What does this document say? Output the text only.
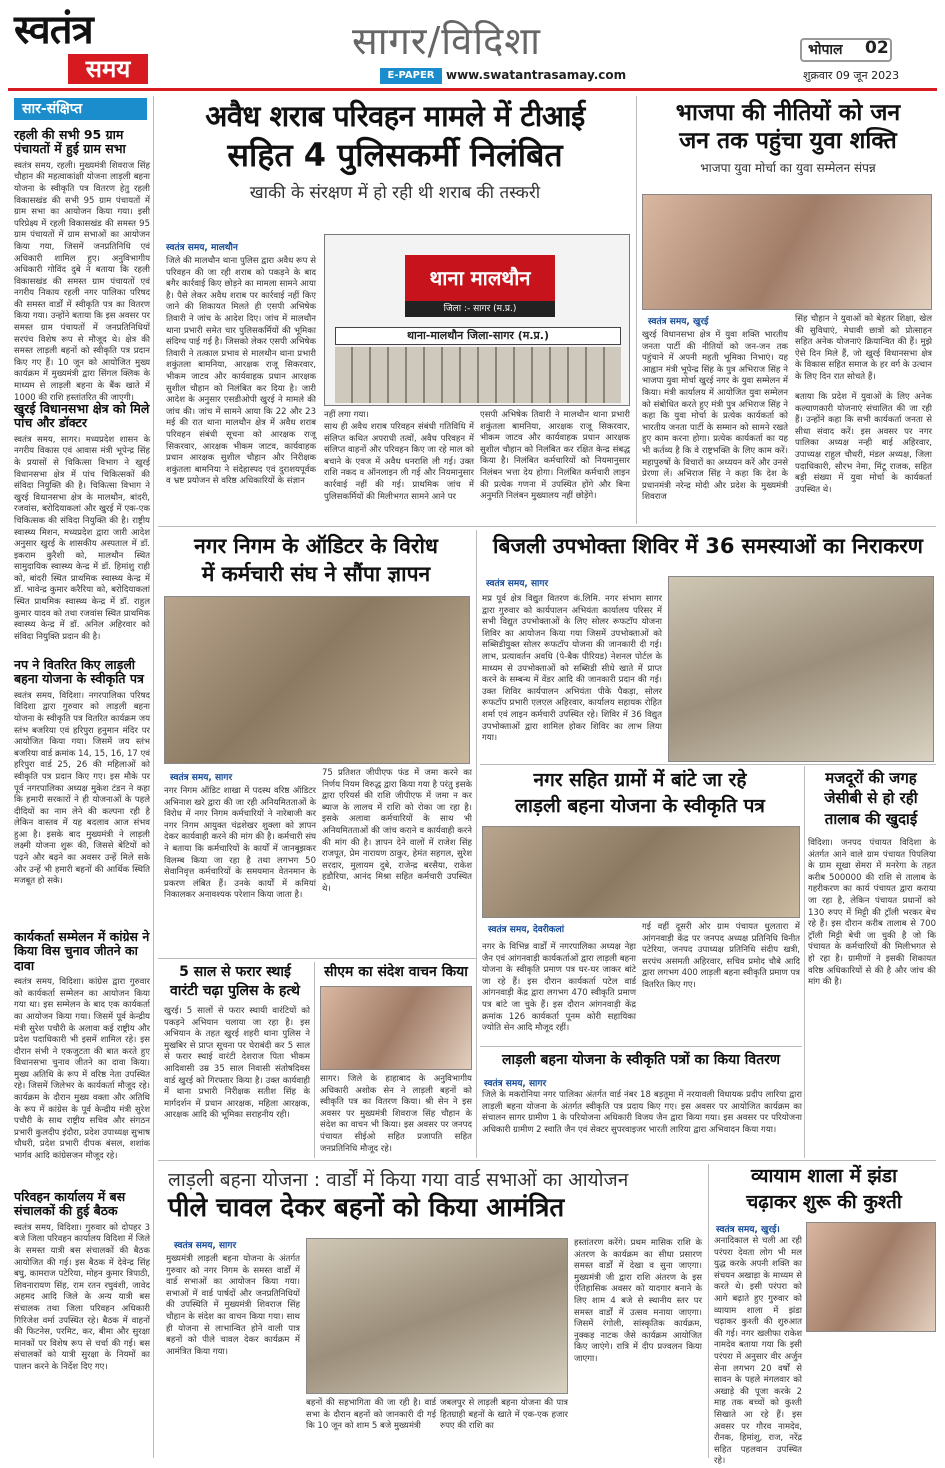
स्वतंत्र
समय
सागर/विदिशा
E-PAPER www.swatantrasamay.com
भोपाल 02
शुक्रवार 09 जून 2023
सार-संक्षिप्त
रहली की सभी 95 ग्राम पंचायतों में हुई ग्राम सभा
स्वतंत्र समय, रहली। मुख्यमंत्री शिवराज सिंह चौहान की महत्वाकांक्षी योजना लाड़ली बहना योजना के स्वीकृति पत्र वितरण हेतु रहली विकासखंड की सभी 95 ग्राम पंचायतों में ग्राम सभा का आयोजन किया गया। इसी परिप्रेक्ष्य में रहली विकासखंड की समस्त 95 ग्राम पंचायतों में ग्राम सभाओं का आयोजन किया गया, जिसमें जनप्रतिनिधि एवं अधिकारी शामिल हुए। अनुविभागीय अधिकारी गोविंद दुबे ने बताया कि रहली विकासखंड की समस्त ग्राम पंचायतों एवं नगरीय निकाय रहली नगर पालिका परिषद की समस्त वार्डों में स्वीकृति पत्र का वितरण किया गया। उन्होंने बताया कि इस अवसर पर समस्त ग्राम पंचायतों में जनप्रतिनिधियों सरपंच विशेष रूप से मौजूद थे। क्षेत्र की समस्त लाड़ली बहनों को स्वीकृति पत्र प्रदान किए गए हैं। 10 जून को आयोजित मुख्य कार्यक्रम में मुख्यमंत्री द्वारा सिंगल क्लिक के माध्यम से लाड़ली बहना के बैंक खाते में 1000 की राशि हस्तांतरित की जाएगी।
खुरई विधानसभा क्षेत्र को मिले पांच और डॉक्टर
स्वतंत्र समय, सागर। मध्यप्रदेश शासन के नगरीय विकास एवं आवास मंत्री भूपेन्द्र सिंह के प्रयासों से चिकित्सा विभाग ने खुरई विधानसभा क्षेत्र में पांच चिकित्सकों की संविदा नियुक्ति की है। चिकित्सा विभाग ने खुरई विधानसभा क्षेत्र के मालथौन, बांदरी, रजवांस, बरोदियाकलां और खुरई में एक-एक चिकित्सक की संविदा नियुक्ति की है। राष्ट्रीय स्वास्थ्य मिशन, मध्यप्रदेश द्वारा जारी आदेश अनुसार खुरई के शासकीय अस्पताल में डॉ. इकराम कुरैशी को, मालथौन स्थित सामुदायिक स्वास्थ्य केन्द्र में डॉ. हिमांशु राही को, बांदरी स्थित प्राथमिक स्वास्थ्य केन्द्र में डॉ. भावेन्द्र कुमार करैरिया को, बरोदियाकलां स्थित प्राथमिक स्वास्थ्य केन्द्र में डॉ. राहुल कुमार यादव को तथा रजवांस स्थित प्राथमिक स्वास्थ्य केन्द्र में डॉ. अनिल अहिरवार को संविदा नियुक्ति प्रदान की है।
नप ने वितरित किए लाड़ली बहना योजना के स्वीकृति पत्र
स्वतंत्र समय, विदिशा। नगरपालिका परिषद विदिशा द्वारा गुरुवार को लाड़ली बहना योजना के स्वीकृति पत्र वितरित कार्यक्रम जय स्तंभ बजरिया एवं हरिपुरा हनुमान मंदिर पर आयोजित किया गया। जिसमें जय स्तंभ बजरिया वार्ड क्रमांक 14, 15, 16, 17 एवं हरिपुरा वार्ड 25, 26 की महिलाओं को स्वीकृति पत्र प्रदान किए गए। इस मौके पर पूर्व नगरपालिका अध्यक्ष मुकेश टंडन ने कहा कि हमारी सरकारों ने ही योजनाओं के पहले दीदियों का नाम लेने की कल्पना रही है लेकिन वास्तव में यह बदलाव आज संभव हुआ है। इसके बाद मुख्यमंत्री ने लाड़ली लक्ष्मी योजना शुरू की, जिससे बेटियों को पढ़ने और बढ़ने का अवसर उन्हें मिले सके और उन्हें भी हमारी बहनों की आर्थिक स्थिति मजबूत हो सके।
कार्यकर्ता सम्मेलन में कांग्रेस ने किया विस चुनाव जीतने का दावा
स्वतंत्र समय, विदिशा। कांग्रेस द्वारा गुरुवार को कार्यकर्ता सम्मेलन का आयोजन किया गया था। इस सम्मेलन के बाद एक कार्यकर्ता का आयोजन किया गया। जिसमें पूर्व केन्द्रीय मंत्री सुरेश पचौरी के अलावा कई राष्ट्रीय और प्रदेश पदाधिकारी भी इसमें शामिल रहे। इस दौरान संभी ने एकजुटता की बात करते हुए विधानसभा चुनाव जीतने का दावा किया। मुख्य अतिथि के रूप में वरिष्ठ नेता उपस्थित रहे। जिसमें जिलेभर के कार्यकर्ता मौजूद रहे। कार्यक्रम के दौरान मुख्य वक्ता और अतिथि के रूप में कांग्रेस के पूर्व केन्द्रीय मंत्री सुरेश पचौरी के साथ राष्ट्रीय सचिव और संगठन प्रभारी कुलदीप इंदौरा, प्रदेश उपाध्यक्ष सुभाष चौधरी, प्रदेश प्रभारी दीपक बंसल, शशांक भार्गव आदि कांग्रेसजन मौजूद रहे।
परिवहन कार्यालय में बस संचालकों की हुई बैठक
स्वतंत्र समय, विदिशा। गुरुवार को दोपहर 3 बजे जिला परिवहन कार्यालय विदिशा में जिले के समस्त यात्री बस संचालकों की बैठक आयोजित की गई। इस बैठक में देवेन्द्र सिंह बघु, कामराज पटेरिया, मोहन कुमार त्रिपाठी, शिवनारायण सिंह, राम रतन रघुवंशी, जावेद अहमद आदि जिले के अन्य यात्री बस संचालक तथा जिला परिवहन अधिकारी गिरिजेश वर्मा उपस्थित रहे। बैठक में वाहनों की फिटनेस, परमिट, कर, बीमा और सुरक्षा मानकों पर विशेष रूप से चर्चा की गई। बस संचालकों को यात्री सुरक्षा के नियमों का पालन करने के निर्देश दिए गए।
अवैध शराब परिवहन मामले में टीआई
सहित 4 पुलिसकर्मी निलंबित
खाकी के संरक्षण में हो रही थी शराब की तस्करी
स्वतंत्र समय, मालथौन
जिले की मालथौन थाना पुलिस द्वारा अवैध रूप से परिवहन की जा रही शराब को पकड़ने के बाद बगैर कार्रवाई किए छोड़ने का मामला सामने आया है। पैसे लेकर अवैध शराब पर कार्रवाई नहीं किए जाने की शिकायत मिलते ही एसपी अभिषेक तिवारी ने जांच के आदेश दिए। जांच में मालथौन थाना प्रभारी समेत चार पुलिसकर्मियों की भूमिका संदिग्ध पाई गई है। जिसको लेकर एसपी अभिषेक तिवारी ने तत्काल प्रभाव से मालथौन थाना प्रभारी शकुंतला बामनिया, आरक्षक राजू सिकरवार, भीकम जाटव और कार्यवाहक प्रधान आरक्षक सुशील चौहान को निलंबित कर दिया है। जारी आदेश के अनुसार एसडीओपी खुरई ने मामले की जांच की। जांच में सामने आया कि 22 और 23 मई की रात थाना मालथौन क्षेत्र में अवैध शराब परिवहन संबंधी सूचना को आरक्षक राजू सिकरवार, आरक्षक भीकम जाटव, कार्यवाहक प्रधान आरक्षक सुशील चौहान और निरीक्षक शकुंतला बामनिया ने संदेहास्पद एवं दुराशयपूर्वक व भ्रष्ट प्रयोजन से वरिष्ठ अधिकारियों के संज्ञान
थाना मालथौन
जिला :- सागर (म.प्र.)
थाना-मालथौन जिला-सागर (म.प्र.)
नहीं लगा गया।
साथ ही अवैध शराब परिवहन संबंधी गतिविधि में संलिप्त कथित अपराधी तत्वों, अवैध परिवहन में संलिप्त वाहनों और परिवहन किए जा रहे माल को बचाने के एवज में अवैध धनराशि ली गई। उक्त राशि नकद व ऑनलाइन ली गई और नियमानुसार कार्रवाई नहीं की गई। प्राथमिक जांच में पुलिसकर्मियों की मिलीभगत सामने आने पर
एसपी अभिषेक तिवारी ने मालथौन थाना प्रभारी शकुंतला बामनिया, आरक्षक राजू सिकरवार, भीकम जाटव और कार्यवाहक प्रधान आरक्षक सुशील चौहान को निलंबित कर रक्षित केन्द्र संबद्ध किया है। निलंबित कर्मचारियों को नियमानुसार निलंबन भत्ता देय होगा। निलंबित कर्मचारी लाइन की प्रत्येक गणना में उपस्थित होंगे और बिना अनुमति निलंबन मुख्यालय नहीं छोड़ेंगे।
भाजपा की नीतियों को जन
जन तक पहुंचा युवा शक्ति
भाजपा युवा मोर्चा का युवा सम्मेलन संपन्न
स्वतंत्र समय, खुरई	सिंह चौहान ने युवाओं को बेहतर शिक्षा, खेल की सुविधाएं, मेधावी छात्रों को प्रोत्साहन सहित अनेक योजनाएं क्रियान्वित की हैं। मुझे ऐसे दिन मिले हैं, जो खुरई विधानसभा क्षेत्र के विकास सहित समाज के हर वर्ग के उत्थान के लिए दिन रात सोचते हैं।
खुरई विधानसभा क्षेत्र में युवा शक्ति भारतीय जनता पार्टी की नीतियों को जन-जन तक पहुंचाने में अपनी महती भूमिका निभाएं। यह आह्वान मंत्री भूपेन्द्र सिंह के पुत्र अभिराज सिंह ने भाजपा युवा मोर्चा खुरई नगर के युवा सम्मेलन में किया। मंत्री कार्यालय में आयोजित युवा सम्मेलन को संबोधित करते हुए मंत्री पुत्र अभिराज सिंह ने कहा कि युवा मोर्चा के प्रत्येक कार्यकर्ता को भारतीय जनता पार्टी के सम्मान को सामने रखते हुए काम करना होगा। प्रत्येक कार्यकर्ता का यह भी कर्तव्य है कि वे राष्ट्रभक्ति के लिए काम करें। महापुरुषों के विचारों का अध्ययन करें और उनसे प्रेरणा लें। अभिराज सिंह ने कहा कि देश के प्रधानमंत्री नरेन्द्र मोदी और प्रदेश के मुख्यमंत्री शिवराज
बताया कि प्रदेश में युवाओं के लिए अनेक कल्याणकारी योजनाएं संचालित की जा रही हैं। उन्होंने कहा कि सभी कार्यकर्ता जनता से सीधा संवाद करें। इस अवसर पर नगर पालिका अध्यक्ष नन्ही बाई अहिरवार, उपाध्यक्ष राहुल चौधरी, मंडल अध्यक्ष, जिला पदाधिकारी, सौरभ नेमा, मिंटू राजक, सहित बड़ी संख्या में युवा मोर्चा के कार्यकर्ता उपस्थित थे।
नगर निगम के ऑडिटर के विरोध
में कर्मचारी संघ ने सौंपा ज्ञापन
स्वतंत्र समय, सागर
नगर निगम ऑडिट शाखा में पदस्थ वरिष्ठ ऑडिटर अभिनाश खरे द्वारा की जा रही अनियमितताओं के विरोध में नगर निगम कर्मचारियों ने नारेबाजी कर नगर निगम आयुक्त चंद्रशेखर शुक्ला को ज्ञापन देकर कार्यवाही करने की मांग की है। कर्मचारी संघ ने बताया कि कर्मचारियों के कार्यों में जानबूझकर विलम्ब किया जा रहा है तथा लगभग 50 सेवानिवृत्त कर्मचारियों के समयमान वेतनमान के प्रकरण लंबित हैं। उनके कार्यों में कमियां निकालकर अनावश्यक परेशान किया जाता है।
75 प्रतिशत जीपीएफ फंड में जमा करने का निर्णय नियम विरुद्ध द्वारा किया गया है परंतु इसके द्वारा एरियर्स की राशि जीपीएफ में जमा न कर ब्याज के लालच में राशि को रोका जा रहा है। इसके अलावा कर्मचारियों के साथ भी अनियमितताओं की जांच कराने व कार्यवाही करने की मांग की है। ज्ञापन देने वालों में राजेश सिंह राजपूत, प्रेम नारायण ठाकुर, हेमंत सहगल, सुरेश सरदार, मुलायम दुबे, राजेन्द्र बरसैया, राकेश हडौरिया, आनंद मिश्रा सहित कर्मचारी उपस्थित थे।
बिजली उपभोक्ता शिविर में 36 समस्याओं का निराकरण
स्वतंत्र समय, सागर
मप्र पूर्व क्षेत्र विद्युत वितरण कं.लिमि. नगर संभाग सागर द्वारा गुरुवार को कार्यपालन अभियंता कार्यालय परिसर में सभी विद्युत उपभोक्ताओं के लिए सोलर रूफटॉप योजना शिविर का आयोजन किया गया जिसमें उपभोक्ताओं को सब्सिडीयुक्त सोलर रूफटॉप योजना की जानकारी दी गई। लाभ, प्रत्यावर्तन अवधि (पे-बैक पीरियड) नेशनल पोर्टल के माध्यम से उपभोक्ताओं को सब्सिडी सीधे खाते में प्राप्त करने के सम्बन्ध में वेंडर आदि की जानकारी प्रदान की गई। उक्त शिविर कार्यपालन अभियंता पीके पैकड़ा, सोलर रूफटॉप प्रभारी एलएल अहिरवार, कार्यालय सहायक रोहित शर्मा एवं लाइन कर्मचारी उपस्थित रहे। शिविर में 36 विद्युत उपभोक्ताओं द्वारा शामिल होकर शिविर का लाभ लिया गया।
5 साल से फरार स्थाई
वारंटी चढ़ा पुलिस के हत्थे
खुरई। 5 सालों से फरार स्थायी वारंटियों को पकड़ने अभियान चलाया जा रहा है। इस अभियान के तहत खुरई शहरी थाना पुलिस ने मुखबिर से प्राप्त सूचना पर घेराबंदी कर 5 साल से फरार स्थाई वारंटी देशराज पिता भीकम आदिवासी उम्र 35 साल निवासी संतोषदिवस वार्ड खुरई को गिरफ्तार किया है। उक्त कार्यवाही में थाना प्रभारी निरीक्षक सतीश सिंह के मार्गदर्शन में प्रधान आरक्षक, महिला आरक्षक, आरक्षक आदि की भूमिका सराहनीय रही।
सीएम का संदेश वाचन किया
सागर। जिले के हाहाबाद के अनुविभागीय अधिकारी अशोक सेन ने लाड़ली बहनों को स्वीकृति पत्र का वितरण किया। श्री सेन ने इस अवसर पर मुख्यमंत्री शिवराज सिंह चौहान के संदेश का वाचन भी किया। इस अवसर पर जनपद पंचायत सीईओ सहित प्रजापति सहित जनप्रतिनिधि मौजूद रहे।
नगर सहित ग्रामों में बांटे जा रहे
लाड़ली बहना योजना के स्वीकृति पत्र
स्वतंत्र समय, देवरीकलां
नगर के विभिन्न वार्डों में नगरपालिका अध्यक्ष नेहा जैन एवं आंगनवाड़ी कार्यकर्ताओं द्वारा लाड़ली बहना योजना के स्वीकृति प्रमाण पत्र घर-घर जाकर बांटे जा रहे हैं। इस दौरान कार्यकर्ता पटेल वार्ड आंगनवाड़ी केंद्र द्वारा लगभग 470 स्वीकृति प्रमाण पत्र बांटे जा चुके हैं। इस दौरान आंगनवाड़ी केंद्र क्रमांक 126 कार्यकर्ता पूनम कोरी सहायिका ज्योति सेन आदि मौजूद रहीं।
गई वहीं दूसरी ओर ग्राम पंचायत धुलतारा में आंगनवाड़ी केंद्र पर जनपद अध्यक्ष प्रतिनिधि विनीत पटेरिया, जनपद उपाध्यक्ष प्रतिनिधि संदीप खत्री, सरपंच असमती अहिरवार, सचिव प्रमोद चौबे आदि द्वारा लगभग 400 लाड़ली बहना स्वीकृति प्रमाण पत्र वितरित किए गए।
मजदूरों की जगह
जेसीबी से हो रही
तालाब की खुदाई
विदिशा। जनपद पंचायत विदिशा के अंतर्गत आने वाले ग्राम पंचायत पिपलिया के ग्राम सूखा सेमरा में मनरेगा के तहत करीब 500000 की राशि से तालाब के गहरीकरण का कार्य पंचायत द्वारा कराया जा रहा है, लेकिन पंचायत प्रधानों को 130 रुपए में मिट्टी की ट्रॉली भरकर बेच रहे हैं। इस दौरान करीब तालाब से 700 ट्रॉली मिट्टी बेची जा चुकी है जो कि पंचायत के कर्मचारियों की मिलीभगत से हो रहा है। ग्रामीणों ने इसकी शिकायत वरिष्ठ अधिकारियों से की है और जांच की मांग की है।
लाड़ली बहना योजना के स्वीकृति पत्रों का किया वितरण
स्वतंत्र समय, सागर
जिले के मकरोनिया नगर पालिका अंतर्गत वार्ड नंबर 18 बड़तूमा में नरयावली विधायक प्रदीप लारिया द्वारा लाड़ली बहना योजना के अंतर्गत स्वीकृति पत्र प्रदाय किए गए। इस अवसर पर आयोजित कार्यक्रम का संचालन सागर ग्रामीण 1 के परियोजना अधिकारी विजय जैन द्वारा किया गया। इस अवसर पर परियोजना अधिकारी ग्रामीण 2 स्वाति जैन एवं सेक्टर सुपरवाइजर भारती लारिया द्वारा अभिवादन किया गया।
लाड़ली बहना योजना : वार्डों में किया गया वार्ड सभाओं का आयोजन
पीले चावल देकर बहनों को किया आमंत्रित
स्वतंत्र समय, सागर
मुख्यमंत्री लाड़ली बहना योजना के अंतर्गत गुरुवार को नगर निगम के समस्त वार्डों में वार्ड सभाओं का आयोजन किया गया। सभाओं में वार्ड पार्षदों और जनप्रतिनिधियों की उपस्थिति में मुख्यमंत्री शिवराज सिंह चौहान के संदेश का वाचन किया गया। साथ ही योजना से लाभान्वित होने वाली पात्र बहनों को पीले चावल देकर कार्यक्रम में आमंत्रित किया गया।
बहनों की सहभागिता की जा रही है। वार्ड सभा के दौरान बहनों को जानकारी दी गई कि 10 जून को शाम 5 बजे मुख्यमंत्री
जबलपुर से लाड़ली बहना योजना की पात्र हितग्राही बहनों के खाते में एक-एक हजार रुपए की राशि का
हस्तांतरण करेंगे। प्रथम मासिक राशि के अंतरण के कार्यक्रम का सीधा प्रसारण समस्त वार्डों में देखा व सुना जाएगा। मुख्यमंत्री जी द्वारा राशि अंतरण के इस ऐतिहासिक अवसर को यादगार बनाने के लिए शाम 4 बजे से स्थानीय स्तर पर समस्त वार्डों में उत्सव मनाया जाएगा। जिसमें रंगोली, सांस्कृतिक कार्यक्रम, नुक्कड़ नाटक जैसे कार्यक्रम आयोजित किए जाएंगे। रात्रि में दीप प्रज्वलन किया जाएगा।
व्यायाम शाला में झंडा
चढ़ाकर शुरू की कुश्ती
स्वतंत्र समय, खुरई।
अनादिकाल से चली आ रही परंपरा देवता लोग भी मल युद्ध करके अपनी शक्ति का संचयन अखाड़ा के माध्यम से करते थे। इसी परंपरा को आगे बढ़ाते हुए गुरुवार को व्यायाम शाला में झंडा चढ़ाकर कुश्ती की शुरुआत की गई। नगर खलीफा राकेश नामदेव बताया गया कि इसी परंपरा में अनुसार वीर अर्जुन सेना लगभग 20 वर्षों से सावन के पहले मंगलवार को अखाड़े की पूजा करके 2 माह तक बच्चों को कुश्ती सिखाते आ रहे हैं। इस अवसर पर गौरव नामदेव, रौनक, हिमांशु, राज, नरेंद्र सहित पहलवान उपस्थित रहे।
